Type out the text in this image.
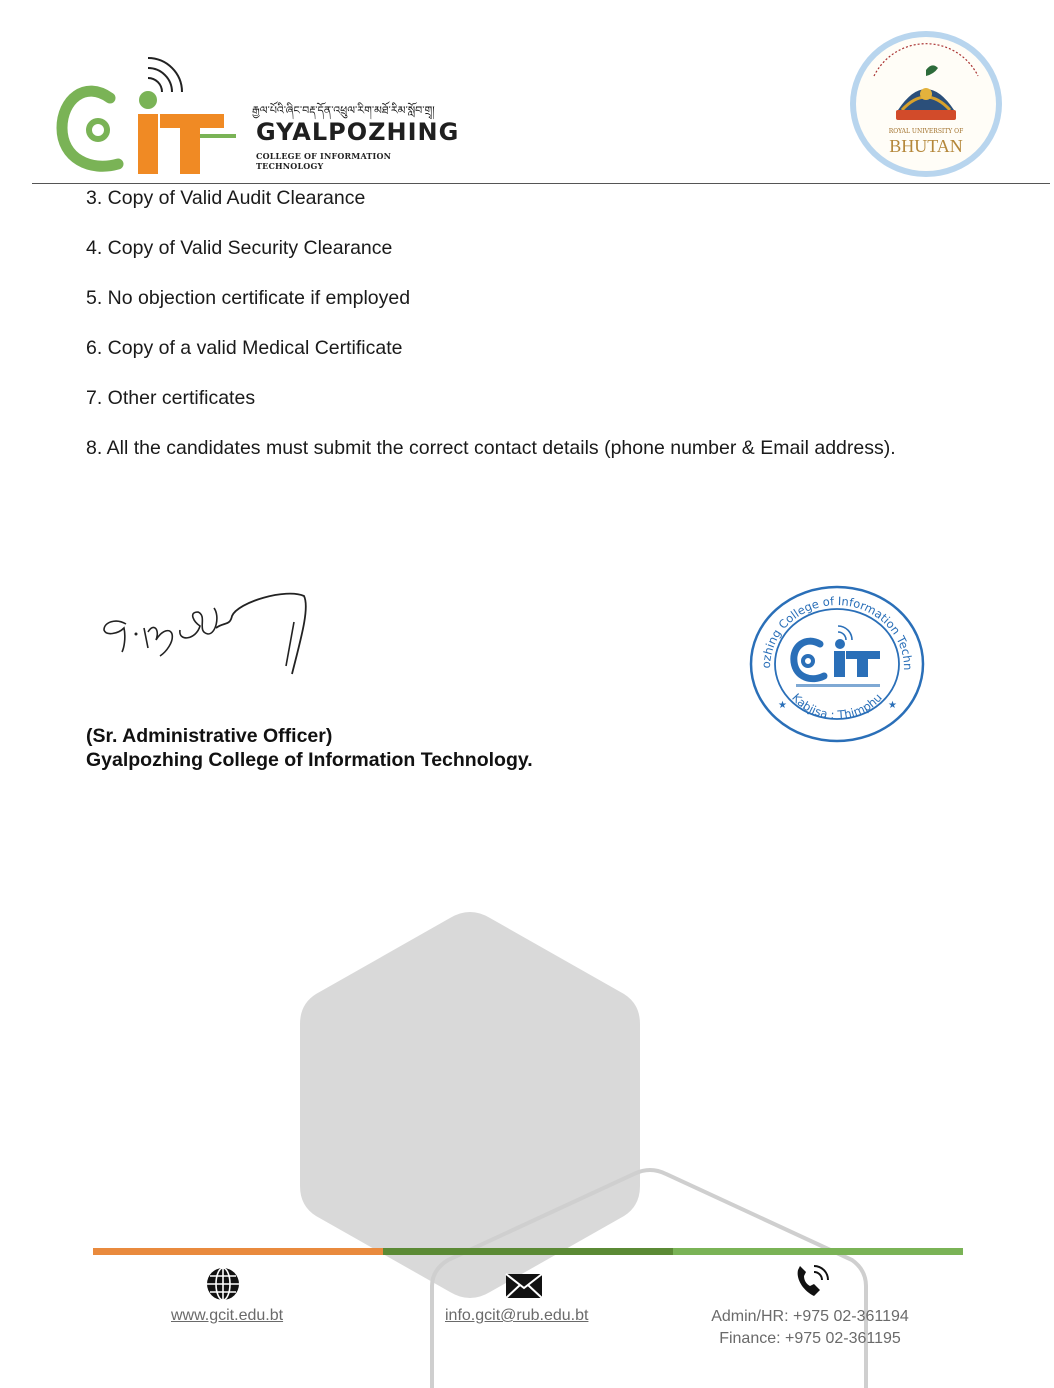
རྒྱལ་པོའི་ཞིང་བརྡ་དོན་འཕྲུལ་རིག་མཐོ་རིམ་སློབ་གྲྭ།
GYALPOZHING
COLLEGE OF INFORMATION TECHNOLOGY
ROYAL UNIVERSITY OF
BHUTAN
3. Copy of Valid Audit Clearance
4. Copy of Valid Security Clearance
5. No objection certificate if employed
6. Copy of a valid Medical Certificate
7. Other certificates
8. All the candidates must submit the correct contact details (phone number & Email address).
(Sr. Administrative Officer)
Gyalpozhing College of Information Technology.
ozhing College of Information Techn
Kabjisa : Thimphu
★	★
www.gcit.edu.bt	info.gcit@rub.edu.bt	Admin/HR: +975 02-361194
Finance: +975 02-361195
